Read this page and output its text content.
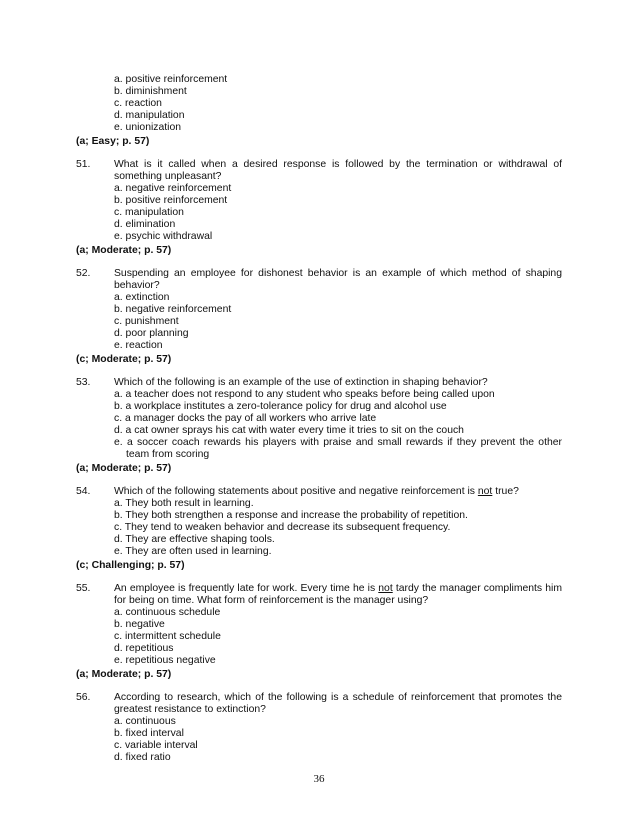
a. positive reinforcement
b. diminishment
c. reaction
d. manipulation
e. unionization
(a; Easy; p. 57)
51.	What is it called when a desired response is followed by the termination or withdrawal of something unpleasant?
a. negative reinforcement
b. positive reinforcement
c. manipulation
d. elimination
e. psychic withdrawal
(a; Moderate; p. 57)
52.	Suspending an employee for dishonest behavior is an example of which method of shaping behavior?
a. extinction
b. negative reinforcement
c. punishment
d. poor planning
e. reaction
(c; Moderate; p. 57)
53.	Which of the following is an example of the use of extinction in shaping behavior?
a. a teacher does not respond to any student who speaks before being called upon
b. a workplace institutes a zero-tolerance policy for drug and alcohol use
c. a manager docks the pay of all workers who arrive late
d. a cat owner sprays his cat with water every time it tries to sit on the couch
e. a soccer coach rewards his players with praise and small rewards if they prevent the other team from scoring
(a; Moderate; p. 57)
54.	Which of the following statements about positive and negative reinforcement is not true?
a. They both result in learning.
b. They both strengthen a response and increase the probability of repetition.
c. They tend to weaken behavior and decrease its subsequent frequency.
d. They are effective shaping tools.
e. They are often used in learning.
(c; Challenging; p. 57)
55.	An employee is frequently late for work. Every time he is not tardy the manager compliments him for being on time. What form of reinforcement is the manager using?
a. continuous schedule
b. negative
c. intermittent schedule
d. repetitious
e. repetitious negative
(a; Moderate; p. 57)
56.	According to research, which of the following is a schedule of reinforcement that promotes the greatest resistance to extinction?
a. continuous
b. fixed interval
c. variable interval
d. fixed ratio
36
